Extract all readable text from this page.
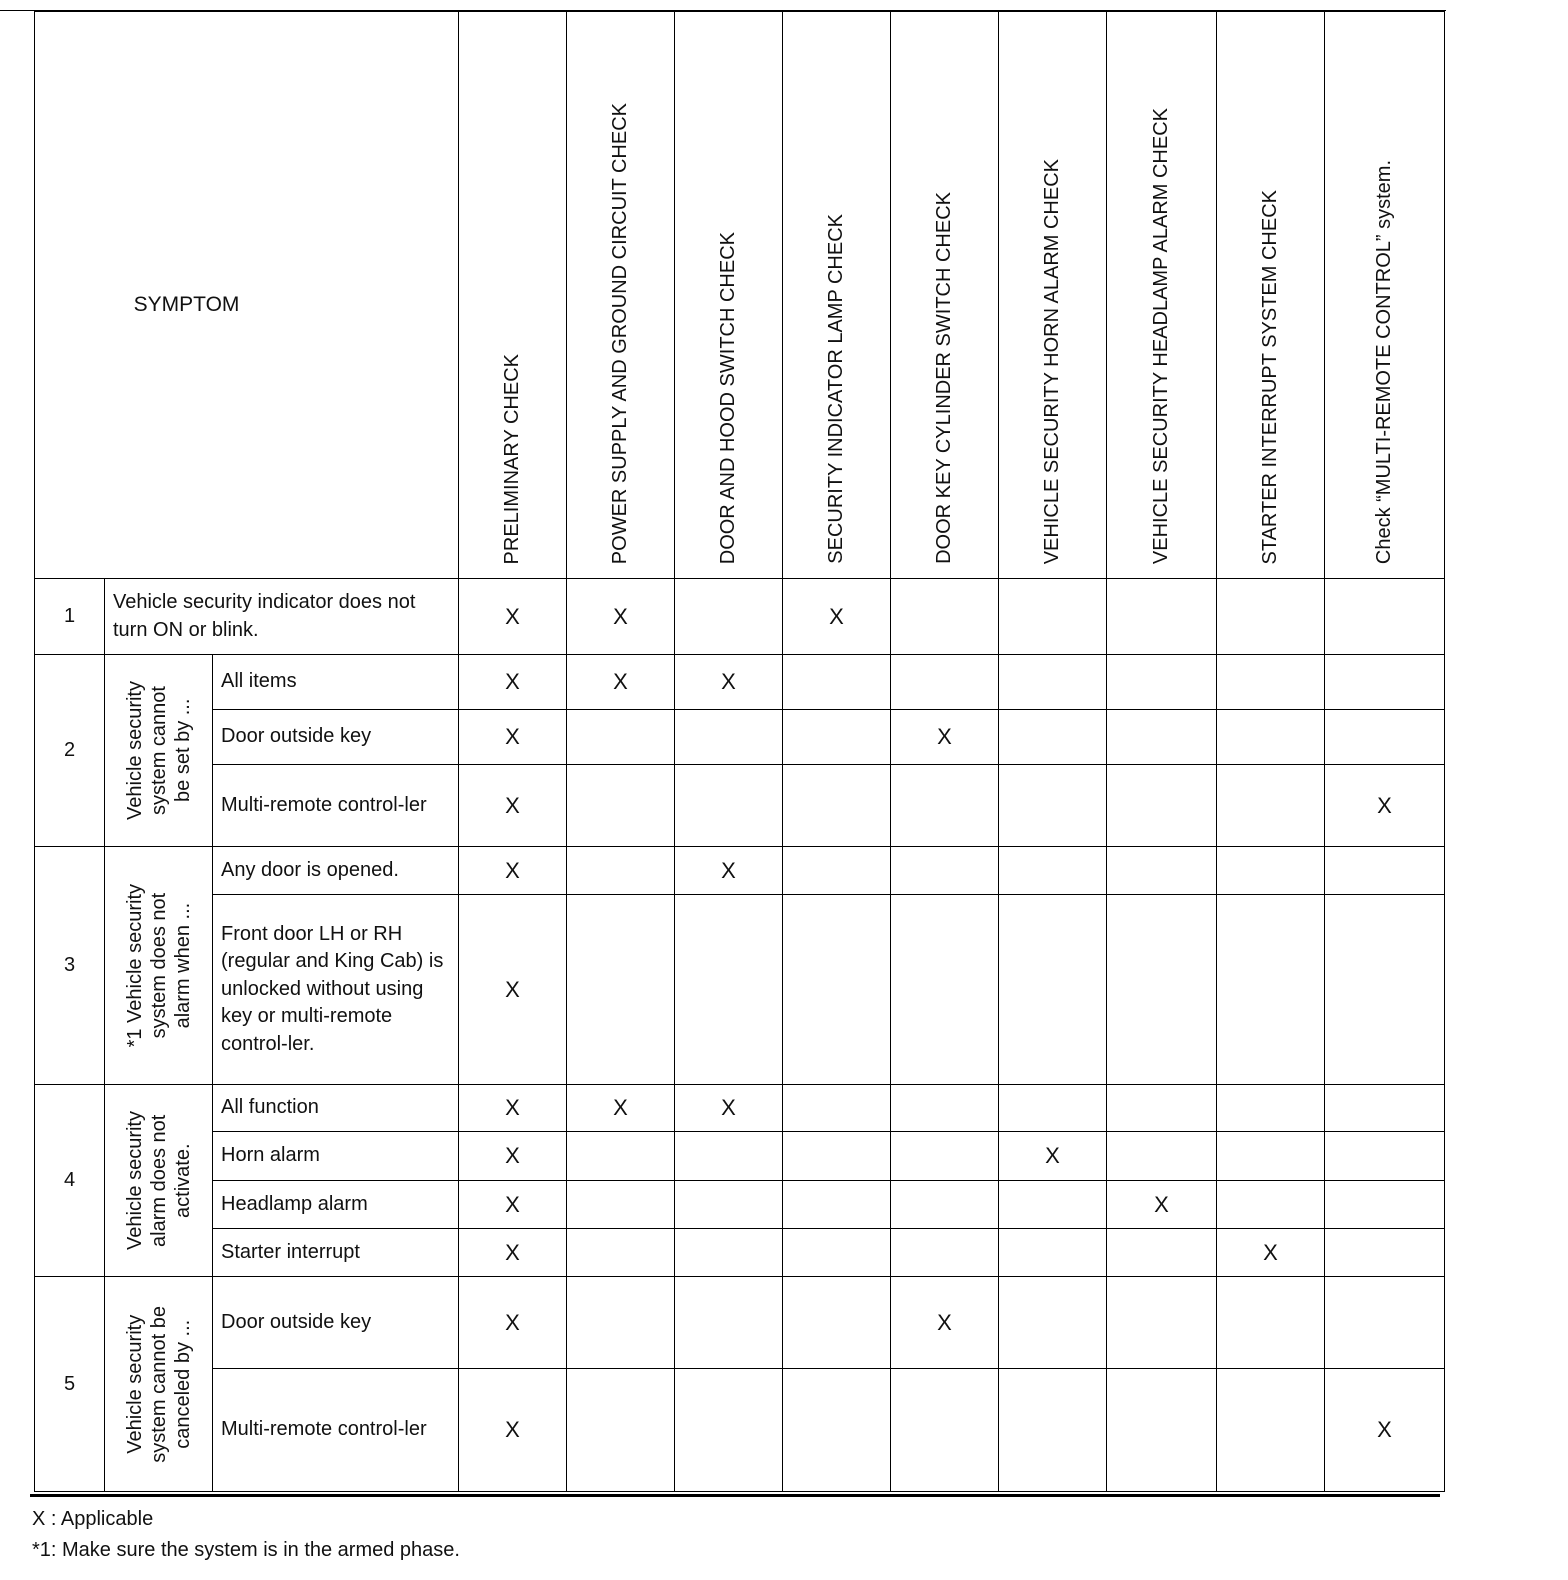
SYMPTOM			PRELIMINARY CHECK	POWER SUPPLY AND GROUND CIRCUIT CHECK	DOOR AND HOOD SWITCH CHECK	SECURITY INDICATOR LAMP CHECK	DOOR KEY CYLINDER SWITCH CHECK	VEHICLE SECURITY HORN ALARM CHECK	VEHICLE SECURITY HEADLAMP ALARM CHECK	STARTER INTERRUPT SYSTEM CHECK	Check “MULTI-REMOTE CONTROL” system.

1	Vehicle security indicator does not turn ON or blink.		X	X		X					
2	Vehicle security system cannot be set by ...	All items	X	X	X						
		Door outside key	X				X				
		Multi-remote control-ler	X								X
3	*1 Vehicle security system does not alarm when ...	Any door is opened.	X		X						
		Front door LH or RH (regular and King Cab) is unlocked without using key or multi-remote control-ler.	X								
4	Vehicle security alarm does not activate.	All function	X	X	X						
		Horn alarm	X					X			
		Headlamp alarm	X						X		
		Starter interrupt	X							X	
5	Vehicle security system cannot be canceled by ...	Door outside key	X				X				
		Multi-remote control-ler	X								X
X : Applicable
*1: Make sure the system is in the armed phase.
